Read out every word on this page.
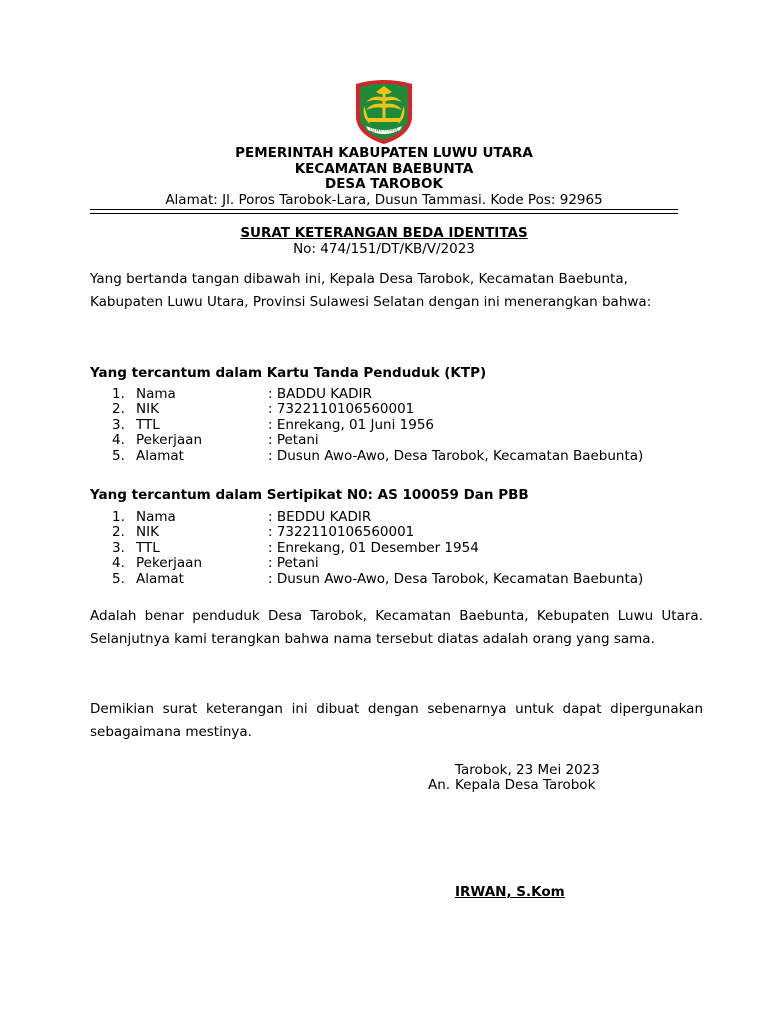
LUWU UTARA
PEMERINTAH KABUPATEN LUWU UTARA
KECAMATAN BAEBUNTA
DESA TAROBOK
Alamat: Jl. Poros Tarobok-Lara, Dusun Tammasi. Kode Pos: 92965
SURAT KETERANGAN BEDA IDENTITAS
No: 474/151/DT/KB/V/2023
Yang bertanda tangan dibawah ini, Kepala Desa Tarobok, Kecamatan Baebunta, Kabupaten Luwu Utara, Provinsi Sulawesi Selatan dengan ini menerangkan bahwa:
Yang tercantum dalam Kartu Tanda Penduduk (KTP)
1. Nama	: BADDU KADIR
2. NIK	: 7322110106560001
3. TTL	: Enrekang, 01 Juni 1956
4. Pekerjaan	: Petani
5. Alamat	: Dusun Awo-Awo, Desa Tarobok, Kecamatan Baebunta)
Yang tercantum dalam Sertipikat N0: AS 100059 Dan PBB
1. Nama	: BEDDU KADIR
2. NIK	: 7322110106560001
3. TTL	: Enrekang, 01 Desember 1954
4. Pekerjaan	: Petani
5. Alamat	: Dusun Awo-Awo, Desa Tarobok, Kecamatan Baebunta)
Adalah benar penduduk Desa Tarobok, Kecamatan Baebunta, Kebupaten Luwu Utara. Selanjutnya kami terangkan bahwa nama tersebut diatas adalah orang yang sama.
Demikian surat keterangan ini dibuat dengan sebenarnya untuk dapat dipergunakan sebagaimana mestinya.
Tarobok, 23 Mei 2023
An. Kepala Desa Tarobok
IRWAN, S.Kom
